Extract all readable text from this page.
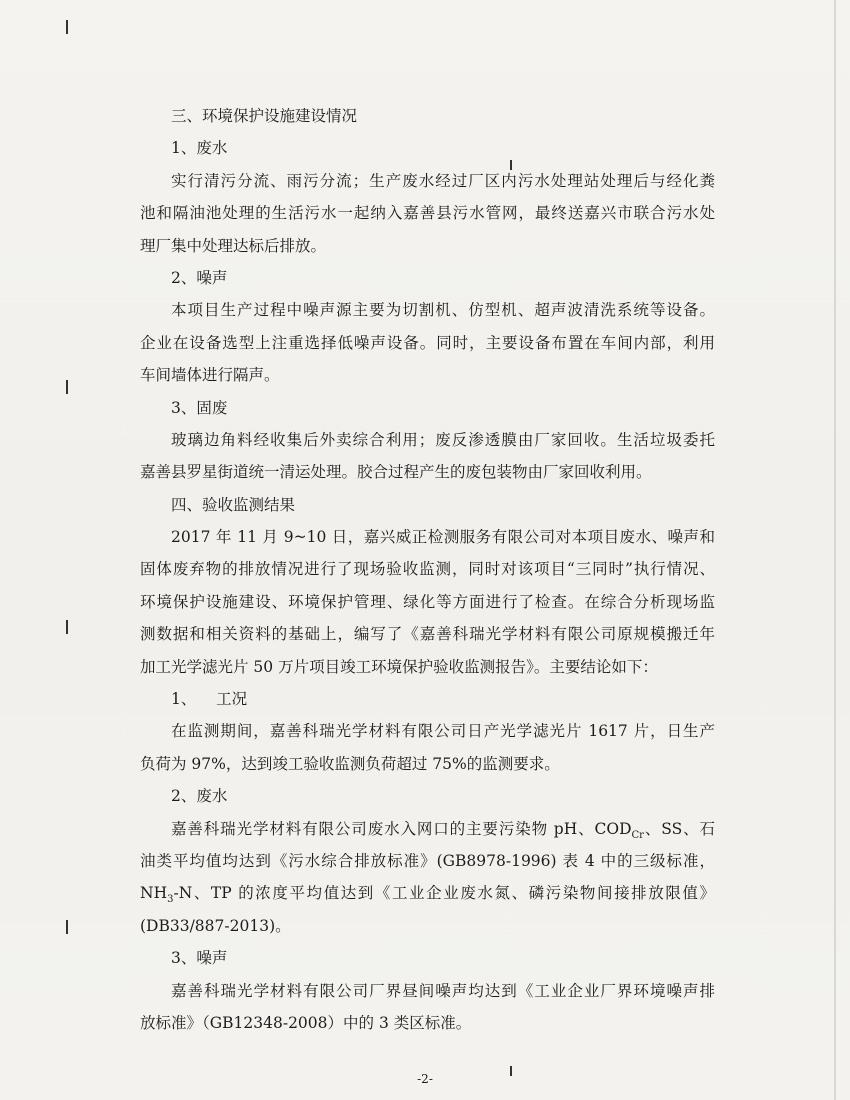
三、环境保护设施建设情况
1、废水
实行清污分流、雨污分流；生产废水经过厂区内污水处理站处理后与经化粪
池和隔油池处理的生活污水一起纳入嘉善县污水管网，最终送嘉兴市联合污水处
理厂集中处理达标后排放。
2、噪声
本项目生产过程中噪声源主要为切割机、仿型机、超声波清洗系统等设备。
企业在设备选型上注重选择低噪声设备。同时，主要设备布置在车间内部，利用
车间墙体进行隔声。
3、固废
玻璃边角料经收集后外卖综合利用；废反渗透膜由厂家回收。生活垃圾委托
嘉善县罗星街道统一清运处理。胶合过程产生的废包装物由厂家回收利用。
四、验收监测结果
2017 年 11 月 9~10 日，嘉兴威正检测服务有限公司对本项目废水、噪声和
固体废弃物的排放情况进行了现场验收监测，同时对该项目“三同时”执行情况、
环境保护设施建设、环境保护管理、绿化等方面进行了检查。在综合分析现场监
测数据和相关资料的基础上，编写了《嘉善科瑞光学材料有限公司原规模搬迁年
加工光学滤光片 50 万片项目竣工环境保护验收监测报告》。主要结论如下：
1、    工况
在监测期间，嘉善科瑞光学材料有限公司日产光学滤光片 1617 片，日生产
负荷为 97%，达到竣工验收监测负荷超过 75%的监测要求。
2、废水
嘉善科瑞光学材料有限公司废水入网口的主要污染物 pH、$COD_{Cr}$、SS、石
油类平均值均达到《污水综合排放标准》(GB8978-1996) 表 4 中的三级标准，
$NH_3-N$、TP 的浓度平均值达到《工业企业废水氮、磷污染物间接排放限值》
(DB33/887-2013)。
3、噪声
嘉善科瑞光学材料有限公司厂界昼间噪声均达到《工业企业厂界环境噪声排
放标准》（GB12348-2008）中的 3 类区标准。
-2-
